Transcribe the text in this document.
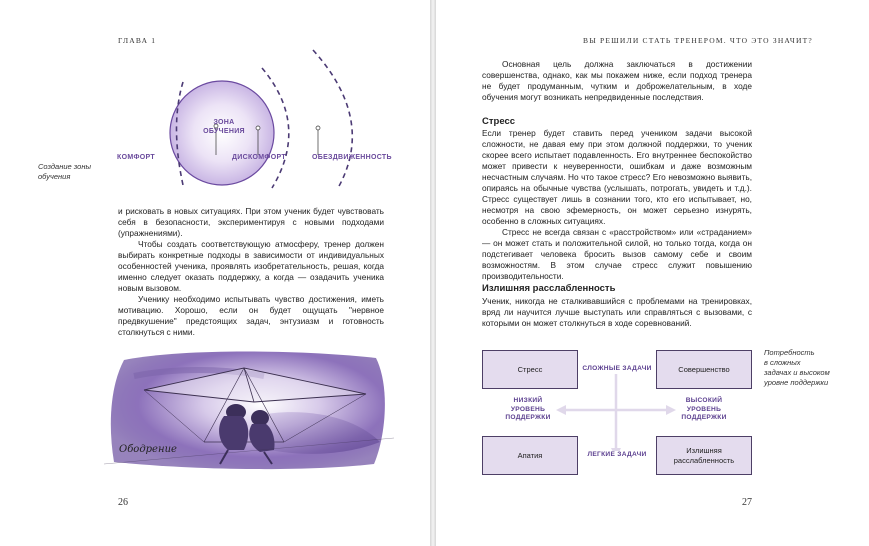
ГЛАВА 1
ЗОНА
ОБУЧЕНИЯ
КОМФОРТ	ДИСКОМФОРТ	ОБЕЗДВИЖЕННОСТЬ
Создание зоны
обучения

и рисковать в новых ситуациях. При этом ученик будет чувствовать себя в безопасности, экспериментируя с новыми подходами (упражнениями).

Чтобы создать соответствующую атмосферу, тренер должен выбирать конкретные подходы в зависимости от индивидуальных особенностей ученика, проявлять изобретательность, решая, когда именно следует оказать поддержку, а когда — озадачить ученика новым вызовом.

Ученику необходимо испытывать чувство достижения, иметь мотивацию. Хорошо, если он будет ощущать "нервное предвкушение" предстоящих задач, энтузиазм и готовность столкнуться с ними.

Ободрение
26
ВЫ РЕШИЛИ СТАТЬ ТРЕНЕРОМ. ЧТО ЭТО ЗНАЧИТ?

Основная цель должна заключаться в достижении совершенства, однако, как мы покажем ниже, если подход тренера не будет продуманным, чутким и доброжелательным, в ходе обучения могут возникать непредвиденные последствия.

Стресс

Если тренер будет ставить перед учеником задачи высокой сложности, не давая ему при этом должной поддержки, то ученик скорее всего испытает подавленность. Его внутреннее беспокойство может привести к неуверенности, ошибкам и даже возможным несчастным случаям. Но что такое стресс? Его невозможно выявить, опираясь на обычные чувства (услышать, потрогать, увидеть и т.д.). Стресс существует лишь в сознании того, кто его испытывает, но, несмотря на свою эфемерность, он может серьезно изнурять, особенно в сложных ситуациях.

Стресс не всегда связан с «расстройством» или «страданием» — он может стать и положительной силой, но только тогда, когда он подстегивает человека бросить вызов самому себе и своим возможностям. В этом случае стресс служит повышению производительности.

Излишняя расслабленность

Ученик, никогда не сталкивавшийся с проблемами на тренировках, вряд ли научится лучше выступать или справляться с вызовами, с которыми он может столкнуться в ходе соревнований.

Стресс	Совершенство
Апатия
Излишняя
расслабленность
СЛОЖНЫЕ ЗАДАЧИ
ЛЕГКИЕ ЗАДАЧИ
НИЗКИЙ
УРОВЕНЬ
ПОДДЕРЖКИ
ВЫСОКИЙ
УРОВЕНЬ
ПОДДЕРЖКИ
Потребность
в сложных
задачах и высоком
уровне поддержки
27
